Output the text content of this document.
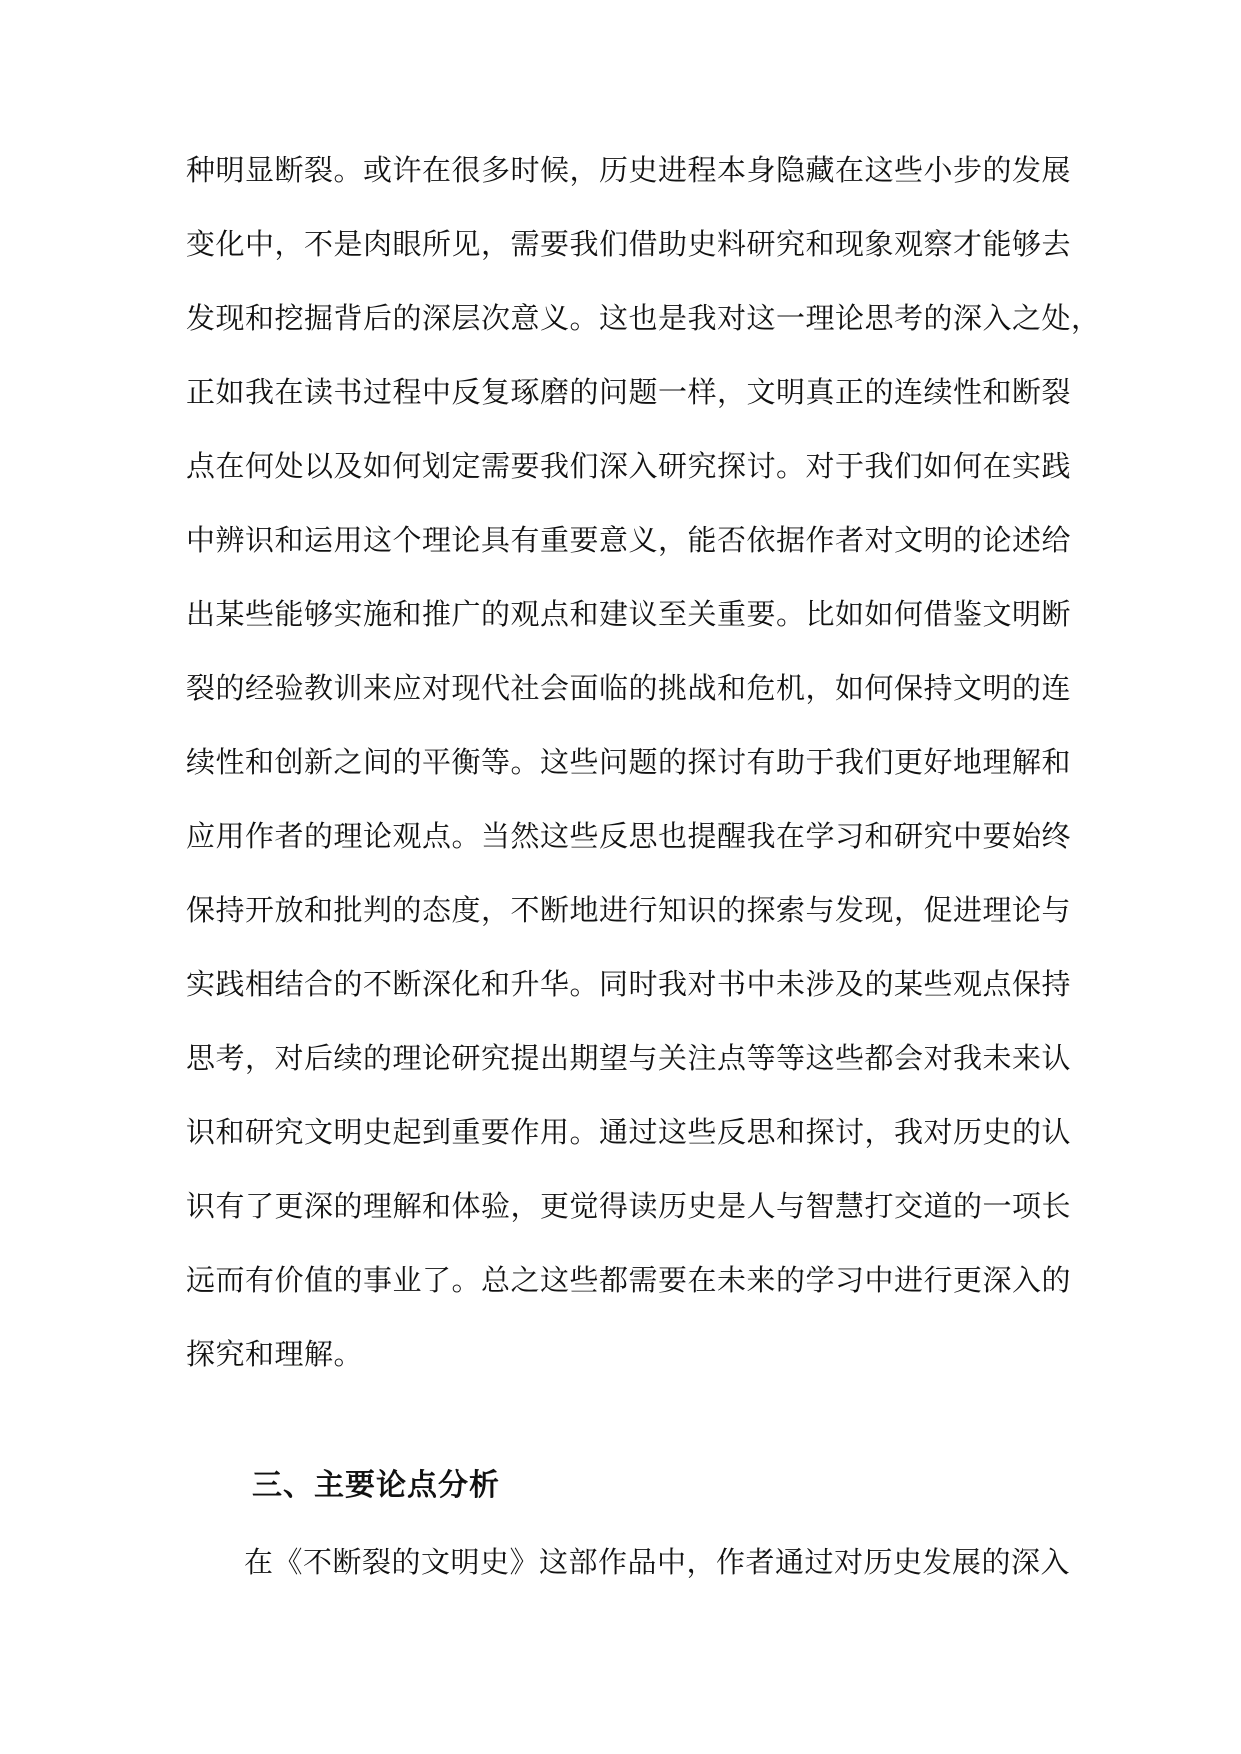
种明显断裂。或许在很多时候，历史进程本身隐藏在这些小步的发展
变化中，不是肉眼所见，需要我们借助史料研究和现象观察才能够去
发现和挖掘背后的深层次意义。这也是我对这一理论思考的深入之处，
正如我在读书过程中反复琢磨的问题一样，文明真正的连续性和断裂
点在何处以及如何划定需要我们深入研究探讨。对于我们如何在实践
中辨识和运用这个理论具有重要意义，能否依据作者对文明的论述给
出某些能够实施和推广的观点和建议至关重要。比如如何借鉴文明断
裂的经验教训来应对现代社会面临的挑战和危机，如何保持文明的连
续性和创新之间的平衡等。这些问题的探讨有助于我们更好地理解和
应用作者的理论观点。当然这些反思也提醒我在学习和研究中要始终
保持开放和批判的态度，不断地进行知识的探索与发现，促进理论与
实践相结合的不断深化和升华。同时我对书中未涉及的某些观点保持
思考，对后续的理论研究提出期望与关注点等等这些都会对我未来认
识和研究文明史起到重要作用。通过这些反思和探讨，我对历史的认
识有了更深的理解和体验，更觉得读历史是人与智慧打交道的一项长
远而有价值的事业了。总之这些都需要在未来的学习中进行更深入的
探究和理解。
三、主要论点分析
在《不断裂的文明史》这部作品中，作者通过对历史发展的深入
